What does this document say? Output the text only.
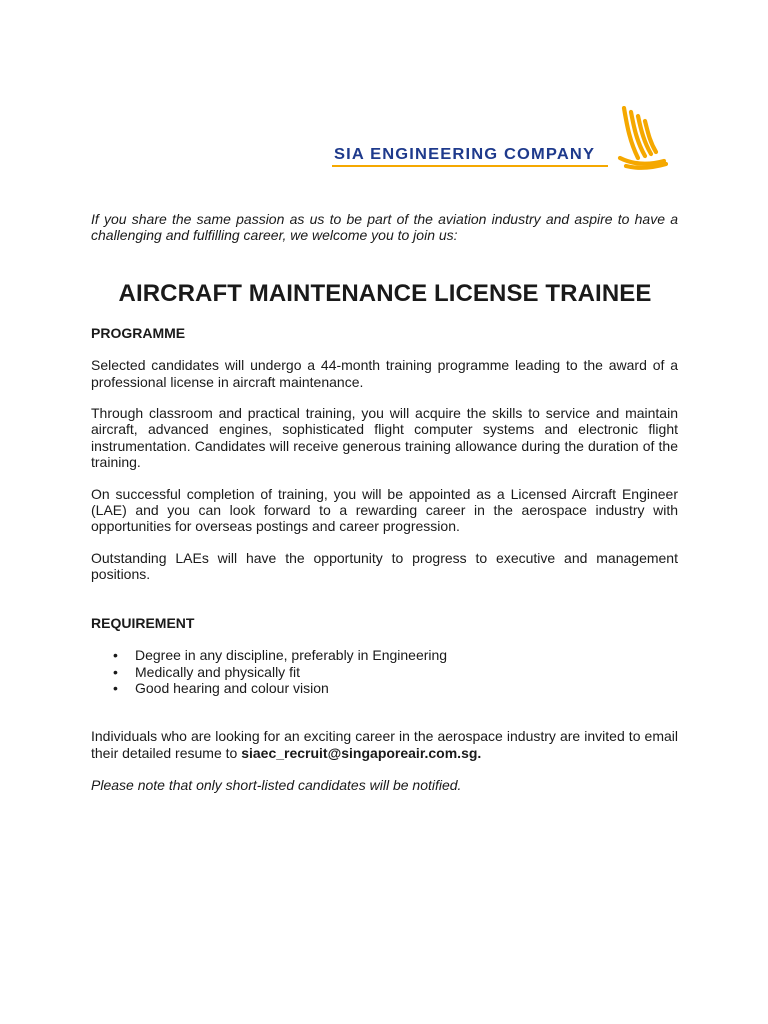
SIA ENGINEERING COMPANY

If you share the same passion as us to be part of the aviation industry and aspire to have a challenging and fulfilling career, we welcome you to join us:

AIRCRAFT MAINTENANCE LICENSE TRAINEE
PROGRAMME

Selected candidates will undergo a 44-month training programme leading to the award of a professional license in aircraft maintenance.

Through classroom and practical training, you will acquire the skills to service and maintain aircraft, advanced engines, sophisticated flight computer systems and electronic flight instrumentation. Candidates will receive generous training allowance during the duration of the training.

On successful completion of training, you will be appointed as a Licensed Aircraft Engineer (LAE) and you can look forward to a rewarding career in the aerospace industry with opportunities for overseas postings and career progression.

Outstanding LAEs will have the opportunity to progress to executive and management positions.

REQUIREMENT
• Degree in any discipline, preferably in Engineering
• Medically and physically fit
• Good hearing and colour vision

Individuals who are looking for an exciting career in the aerospace industry are invited to email their detailed resume to siaec_recruit@singaporeair.com.sg.

Please note that only short-listed candidates will be notified.
